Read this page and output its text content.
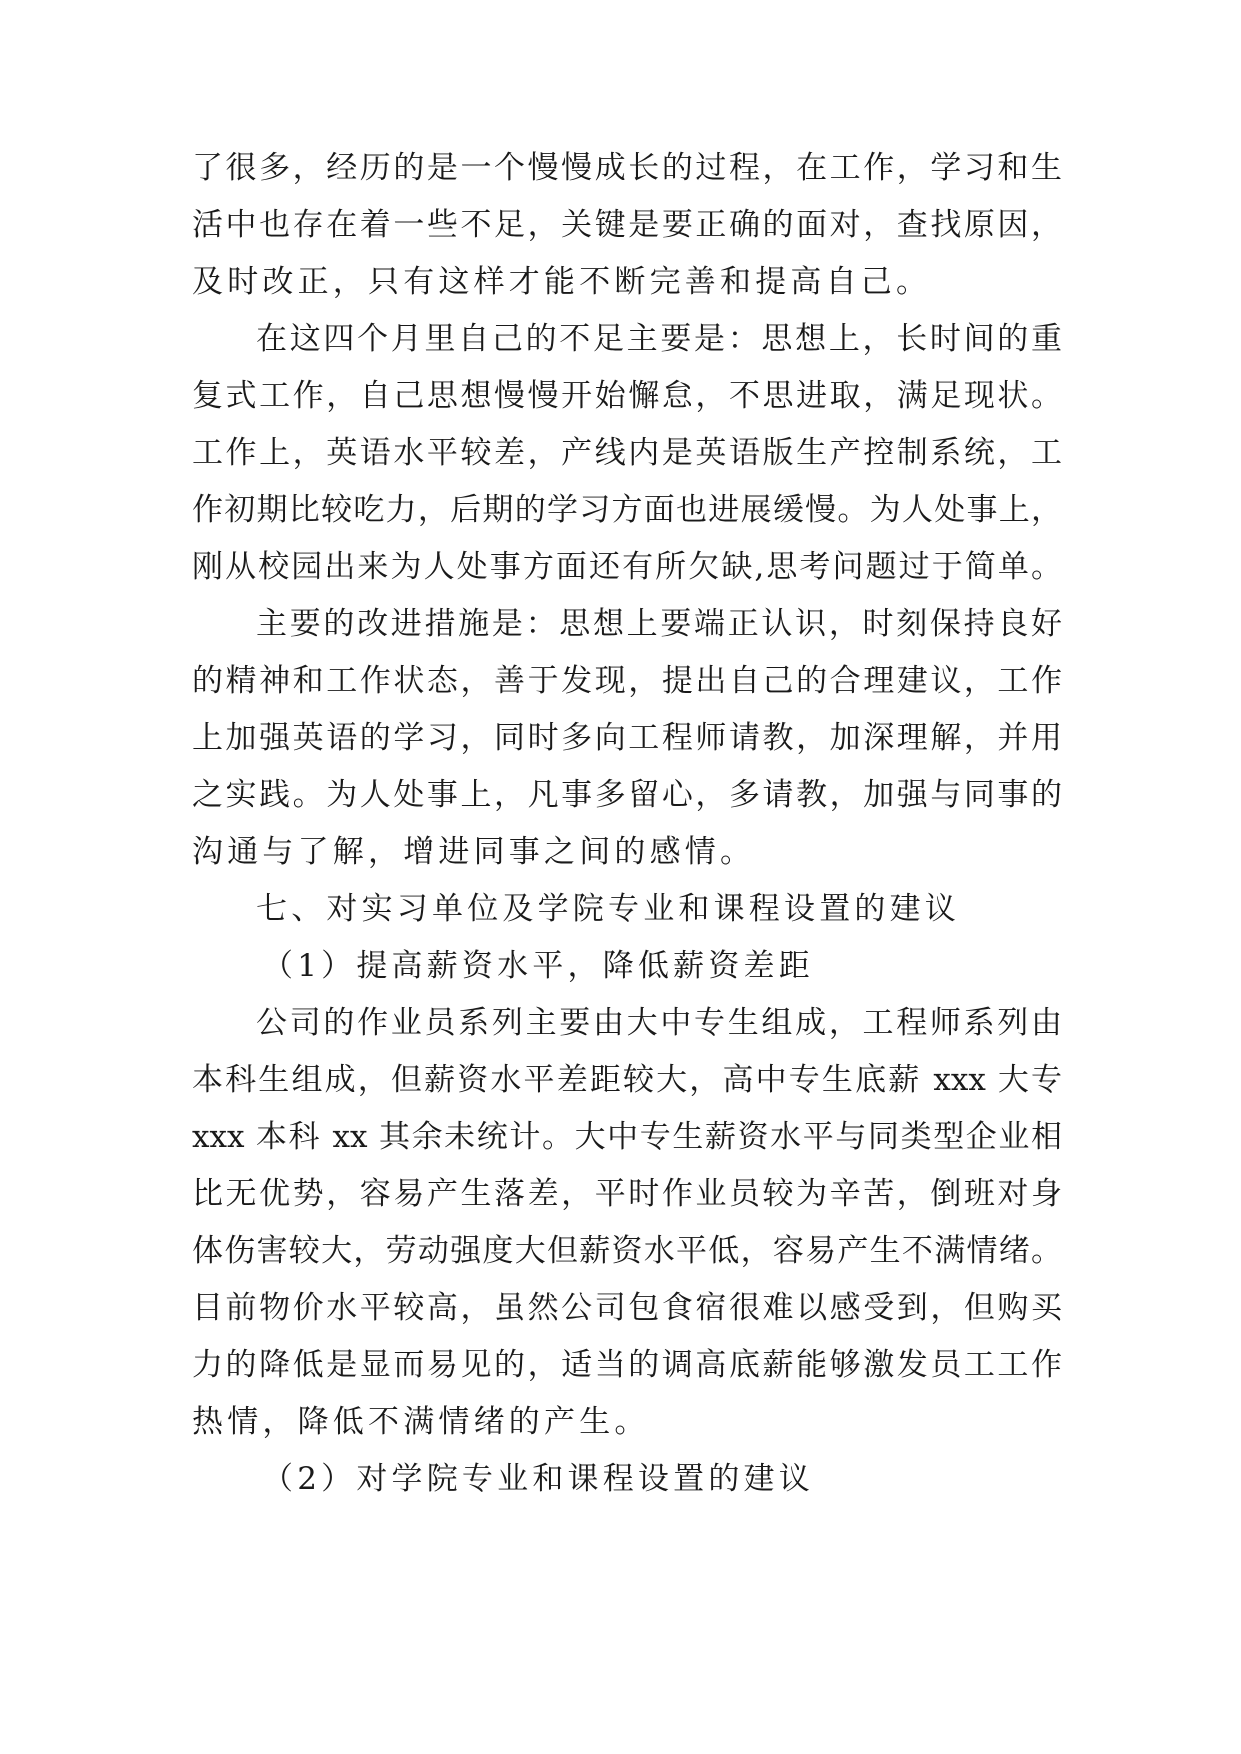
了很多，经历的是一个慢慢成长的过程，在工作，学习和生

活中也存在着一些不足，关键是要正确的面对，查找原因，

及时改正，只有这样才能不断完善和提高自己。

在这四个月里自己的不足主要是：思想上，长时间的重

复式工作，自己思想慢慢开始懈怠，不思进取，满足现状。

工作上，英语水平较差，产线内是英语版生产控制系统，工

作初期比较吃力，后期的学习方面也进展缓慢。为人处事上，

刚从校园出来为人处事方面还有所欠缺,思考问题过于简单。

主要的改进措施是：思想上要端正认识，时刻保持良好

的精神和工作状态，善于发现，提出自己的合理建议，工作

上加强英语的学习，同时多向工程师请教，加深理解，并用

之实践。为人处事上，凡事多留心，多请教，加强与同事的

沟通与了解，增进同事之间的感情。

七、对实习单位及学院专业和课程设置的建议

（1）提高薪资水平，降低薪资差距

公司的作业员系列主要由大中专生组成，工程师系列由

本科生组成，但薪资水平差距较大，高中专生底薪 xxx 大专

xxx 本科 xx 其余未统计。大中专生薪资水平与同类型企业相

比无优势，容易产生落差，平时作业员较为辛苦，倒班对身

体伤害较大，劳动强度大但薪资水平低，容易产生不满情绪。

目前物价水平较高，虽然公司包食宿很难以感受到，但购买

力的降低是显而易见的，适当的调高底薪能够激发员工工作

热情，降低不满情绪的产生。

（2）对学院专业和课程设置的建议
